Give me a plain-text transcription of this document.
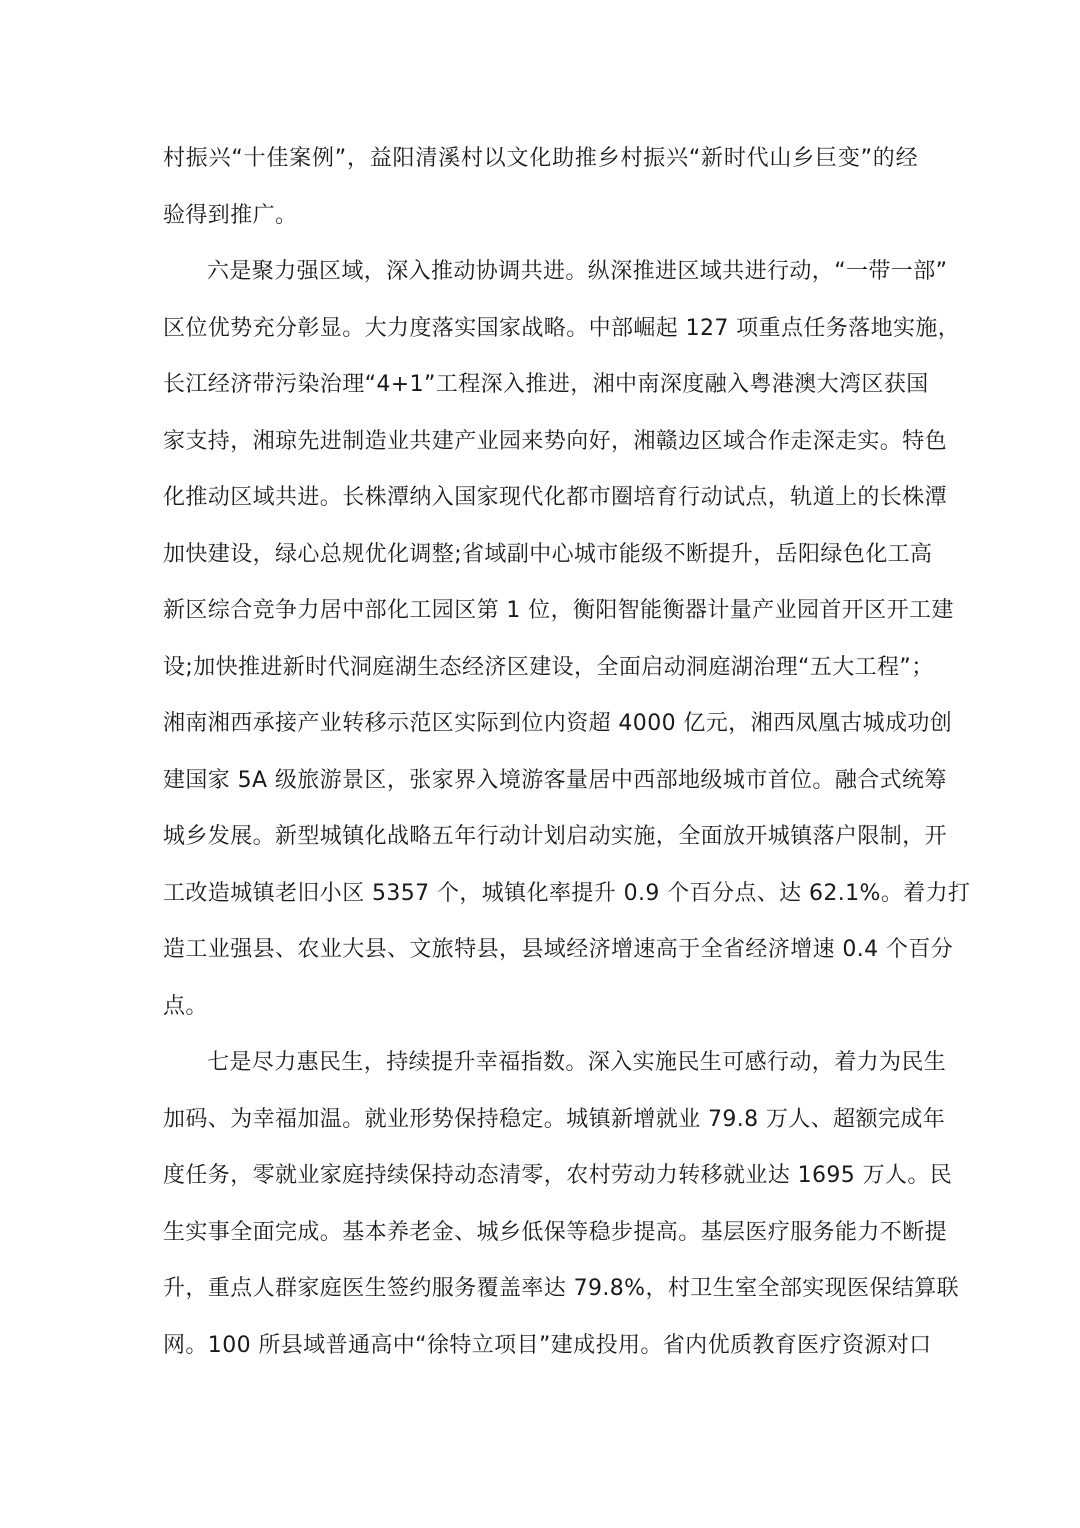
村振兴“十佳案例”，益阳清溪村以文化助推乡村振兴“新时代山乡巨变”的经
验得到推广。
六是聚力强区域，深入推动协调共进。纵深推进区域共进行动，“一带一部”
区位优势充分彰显。大力度落实国家战略。中部崛起 127 项重点任务落地实施，
长江经济带污染治理“4+1”工程深入推进，湘中南深度融入粤港澳大湾区获国
家支持，湘琼先进制造业共建产业园来势向好，湘赣边区域合作走深走实。特色
化推动区域共进。长株潭纳入国家现代化都市圈培育行动试点，轨道上的长株潭
加快建设，绿心总规优化调整;省域副中心城市能级不断提升，岳阳绿色化工高
新区综合竞争力居中部化工园区第 1 位，衡阳智能衡器计量产业园首开区开工建
设;加快推进新时代洞庭湖生态经济区建设，全面启动洞庭湖治理“五大工程”；
湘南湘西承接产业转移示范区实际到位内资超 4000 亿元，湘西凤凰古城成功创
建国家 5A 级旅游景区，张家界入境游客量居中西部地级城市首位。融合式统筹
城乡发展。新型城镇化战略五年行动计划启动实施，全面放开城镇落户限制，开
工改造城镇老旧小区 5357 个，城镇化率提升 0.9 个百分点、达 62.1%。着力打
造工业强县、农业大县、文旅特县，县域经济增速高于全省经济增速 0.4 个百分
点。
七是尽力惠民生，持续提升幸福指数。深入实施民生可感行动，着力为民生
加码、为幸福加温。就业形势保持稳定。城镇新增就业 79.8 万人、超额完成年
度任务，零就业家庭持续保持动态清零，农村劳动力转移就业达 1695 万人。民
生实事全面完成。基本养老金、城乡低保等稳步提高。基层医疗服务能力不断提
升，重点人群家庭医生签约服务覆盖率达 79.8%，村卫生室全部实现医保结算联
网。100 所县域普通高中“徐特立项目”建成投用。省内优质教育医疗资源对口
